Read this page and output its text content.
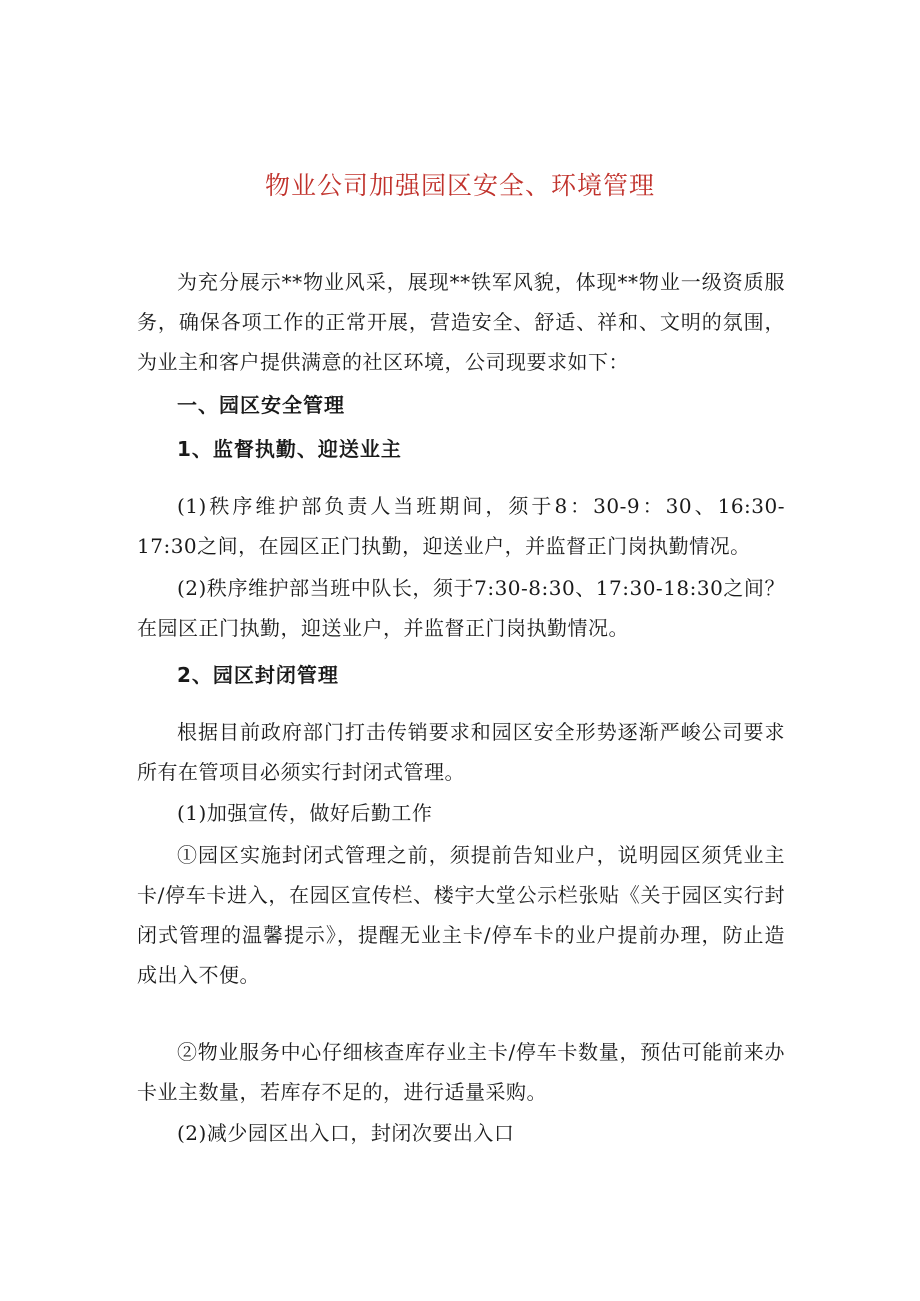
物业公司加强园区安全、环境管理

为充分展示**物业风采，展现**铁军风貌，体现**物业一级资质服务，确保各项工作的正常开展，营造安全、舒适、祥和、文明的氛围，为业主和客户提供满意的社区环境，公司现要求如下：

一、园区安全管理

1、监督执勤、迎送业主

(1)秩序维护部负责人当班期间，须于8：30-9：30、16:30-17:30之间，在园区正门执勤，迎送业户，并监督正门岗执勤情况。

(2)秩序维护部当班中队长，须于7:30-8:30、17:30-18:30之间？在园区正门执勤，迎送业户，并监督正门岗执勤情况。

2、园区封闭管理

根据目前政府部门打击传销要求和园区安全形势逐渐严峻公司要求所有在管项目必须实行封闭式管理。

(1)加强宣传，做好后勤工作

①园区实施封闭式管理之前，须提前告知业户，说明园区须凭业主卡/停车卡进入，在园区宣传栏、楼宇大堂公示栏张贴《关于园区实行封闭式管理的温馨提示》，提醒无业主卡/停车卡的业户提前办理，防止造成出入不便。

②物业服务中心仔细核查库存业主卡/停车卡数量，预估可能前来办卡业主数量，若库存不足的，进行适量采购。

(2)减少园区出入口，封闭次要出入口
